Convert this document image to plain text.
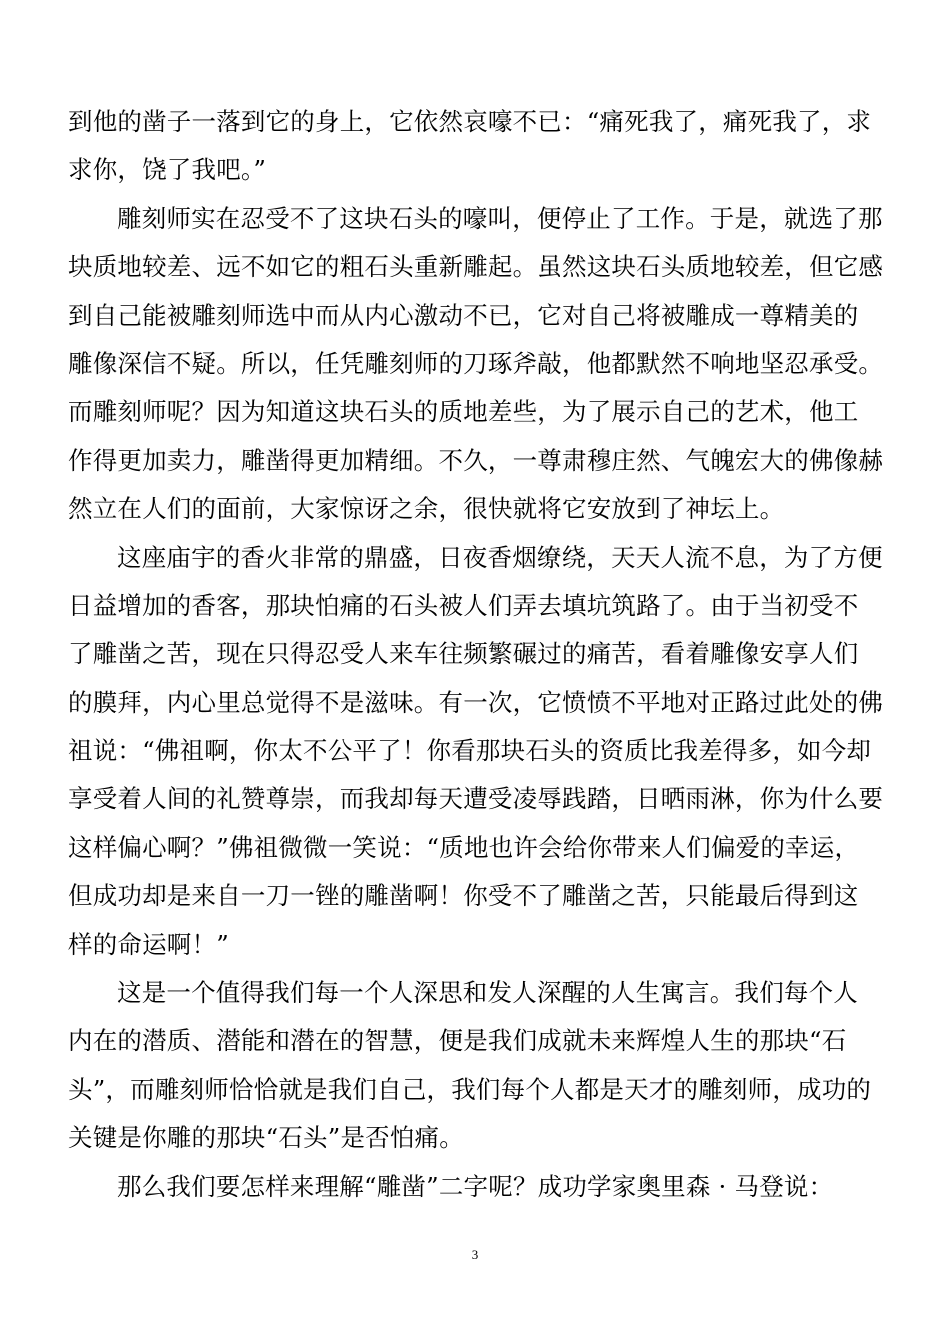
到他的凿子一落到它的身上，它依然哀嚎不已：“痛死我了，痛死我了，求
求你，饶了我吧。”
雕刻师实在忍受不了这块石头的嚎叫，便停止了工作。于是，就选了那
块质地较差、远不如它的粗石头重新雕起。虽然这块石头质地较差，但它感
到自己能被雕刻师选中而从内心激动不已，它对自己将被雕成一尊精美的
雕像深信不疑。所以，任凭雕刻师的刀琢斧敲，他都默然不响地坚忍承受。
而雕刻师呢？因为知道这块石头的质地差些，为了展示自己的艺术，他工
作得更加卖力，雕凿得更加精细。不久，一尊肃穆庄然、气魄宏大的佛像赫
然立在人们的面前，大家惊讶之余，很快就将它安放到了神坛上。
这座庙宇的香火非常的鼎盛，日夜香烟缭绕，天天人流不息，为了方便
日益增加的香客，那块怕痛的石头被人们弄去填坑筑路了。由于当初受不
了雕凿之苦，现在只得忍受人来车往频繁碾过的痛苦，看着雕像安享人们
的膜拜，内心里总觉得不是滋味。有一次，它愤愤不平地对正路过此处的佛
祖说：“佛祖啊，你太不公平了！你看那块石头的资质比我差得多，如今却
享受着人间的礼赞尊崇，而我却每天遭受凌辱践踏，日晒雨淋，你为什么要
这样偏心啊？”佛祖微微一笑说：“质地也许会给你带来人们偏爱的幸运，
但成功却是来自一刀一锉的雕凿啊！你受不了雕凿之苦，只能最后得到这
样的命运啊！”
这是一个值得我们每一个人深思和发人深醒的人生寓言。我们每个人
内在的潜质、潜能和潜在的智慧，便是我们成就未来辉煌人生的那块“石
头”，而雕刻师恰恰就是我们自己，我们每个人都是天才的雕刻师，成功的
关键是你雕的那块“石头”是否怕痛。
那么我们要怎样来理解“雕凿”二字呢？成功学家奥里森 · 马登说：
3
